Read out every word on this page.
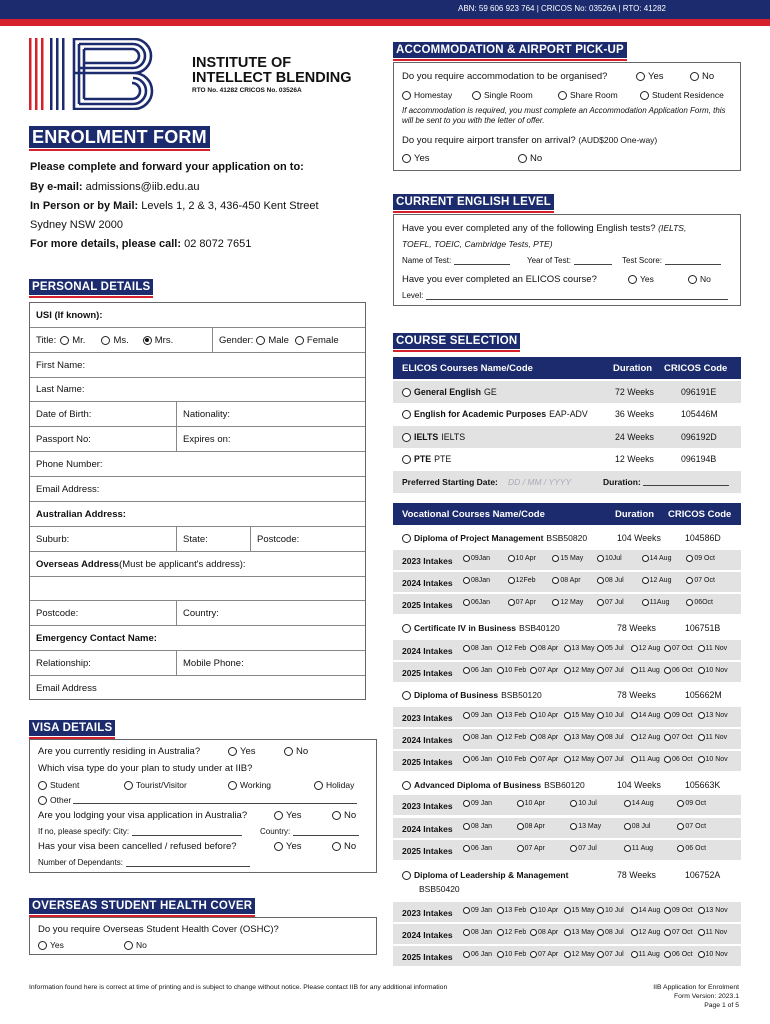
ABN: 59 606 923 764 | CRICOS No: 03526A | RTO: 41282
INSTITUTE OF
INTELLECT BLENDING
RTO No. 41282 CRICOS No. 03526A
ENROLMENT FORM
Please complete and forward your application on to:
By e-mail: admissions@iib.edu.au
In Person or by Mail: Levels 1, 2 & 3, 436-450 Kent Street
Sydney NSW 2000
For more details, please call: 02 8072 7651
PERSONAL DETAILS
USI (If known):
Title: Mr.	Ms.	Mrs.	Gender: Male Female
First Name:
Last Name:
Date of Birth:	Nationality:
Passport No:	Expires on:
Phone Number:
Email Address:
Australian Address:
Suburb:	State:	Postcode:
Overseas Address (Must be applicant's address):
Postcode:	Country:
Emergency Contact Name:
Relationship:	Mobile Phone:
Email Address
VISA DETAILS
Are you currently residing in Australia?	Yes	No
Which visa type do your plan to study under at IIB?
Student	Tourist/Visitor	Working	Holiday
Other
Are you lodging your visa application in Australia?	Yes	No
If no, please specify: City:	Country:
Has your visa been cancelled / refused before?	Yes	No
Number of Dependants:
OVERSEAS STUDENT HEALTH COVER
Do you require Overseas Student Health Cover (OSHC)?
Yes	No
ACCOMMODATION & AIRPORT PICK-UP
Do you require accommodation to be organised?	Yes	No
Homestay	Single Room	Share Room	Student Residence
If accommodation is required, you must complete an Accommodation Application Form, this will be sent to you with the letter of offer.
Do you require airport transfer on arrival? (AUD$200 One-way)
Yes	No
CURRENT ENGLISH LEVEL
Have you ever completed any of the following English tests? (IELTS,
TOEFL, TOEIC, Cambridge Tests, PTE)
Name of Test:	Year of Test:	Test Score:
Have you ever completed an ELICOS course?	Yes	No
Level:
COURSE SELECTION
ELICOS Courses Name/Code	Duration CRICOS Code
General English GE	72 Weeks	096191E
English for Academic Purposes EAP-ADV	36 Weeks	105446M
IELTS IELTS	24 Weeks	096192D
PTE PTE	12 Weeks	096194B
Preferred Starting Date: DD / MM / YYYY	Duration:
Vocational Courses Name/Code	Duration CRICOS Code
Diploma of Project Management BSB50820	104 Weeks	104586D
2023 Intakes	09Jan	10 Apr	15 May	10Jul	14 Aug	09 Oct
2024 Intakes	08Jan	12Feb	08 Apr	08 Jul	12 Aug	07 Oct
2025 Intakes	06Jan	07 Apr	12 May	07 Jul	11Aug	06Oct
Certificate IV in Business BSB40120	78 Weeks	106751B
2024 Intakes	08 Jan 12 Feb 08 Apr 13 May 05 Jul 12 Aug 07 Oct 11 Nov
2025 Intakes	06 Jan 10 Feb 07 Apr 12 May 07 Jul 11 Aug 06 Oct 10 Nov
Diploma of Business BSB50120	78 Weeks	105662M
2023 Intakes	09 Jan 13 Feb 10 Apr 15 May 10 Jul 14 Aug 09 Oct 13 Nov
2024 Intakes	08 Jan 12 Feb 08 Apr 13 May 08 Jul 12 Aug 07 Oct 11 Nov
2025 Intakes	06 Jan 10 Feb 07 Apr 12 May 07 Jul 11 Aug 06 Oct 10 Nov
Advanced Diploma of Business BSB60120	104 Weeks	105663K
2023 Intakes	09 Jan	10 Apr	10 Jul	14 Aug	09 Oct
2024 Intakes	08 Jan	08 Apr	13 May	08 Jul	07 Oct
2025 Intakes	06 Jan	07 Apr	07 Jul	11 Aug	06 Oct
Diploma of Leadership & Management	78 Weeks	106752A
BSB50420
2023 Intakes	09 Jan 13 Feb 10 Apr 15 May 10 Jul 14 Aug 09 Oct 13 Nov
2024 Intakes	08 Jan 12 Feb 08 Apr 13 May 08 Jul 12 Aug 07 Oct 11 Nov
2025 Intakes	06 Jan 10 Feb 07 Apr 12 May 07 Jul 11 Aug 06 Oct 10 Nov
Information found here is correct at time of printing and is subject to change without notice. Please contact IIB for any additional information	IIB Application for Enrolment
Form Version: 2023.1
Page 1 of 5
